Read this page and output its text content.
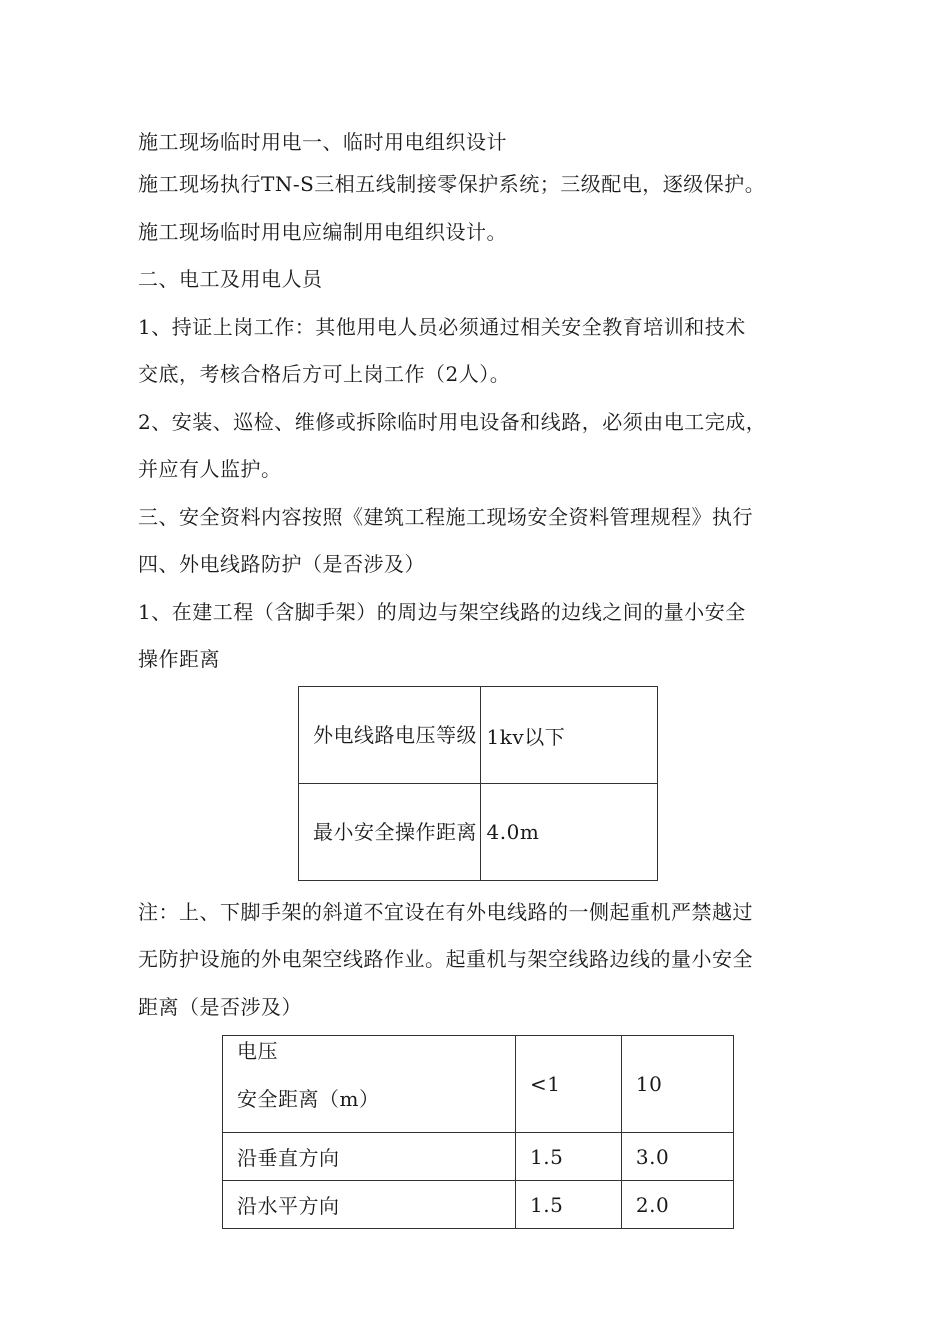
施工现场临时用电一、临时用电组织设计
施工现场执行TN-S三相五线制接零保护系统；三级配电，逐级保护。
施工现场临时用电应编制用电组织设计。
二、电工及用电人员
1、持证上岗工作：其他用电人员必须通过相关安全教育培训和技术
交底，考核合格后方可上岗工作（2人）。
2、安装、巡检、维修或拆除临时用电设备和线路，必须由电工完成，
并应有人监护。
三、安全资料内容按照《建筑工程施工现场安全资料管理规程》执行
四、外电线路防护（是否涉及）
1、在建工程（含脚手架）的周边与架空线路的边线之间的量小安全
操作距离
外电线路电压等级	1kv以下
最小安全操作距离	4.0m
注：上、下脚手架的斜道不宜设在有外电线路的一侧起重机严禁越过
无防护设施的外电架空线路作业。起重机与架空线路边线的量小安全
距离（是否涉及）
电压
安全距离（m）	<1	10
沿垂直方向	1.5	3.0
沿水平方向	1.5	2.0
